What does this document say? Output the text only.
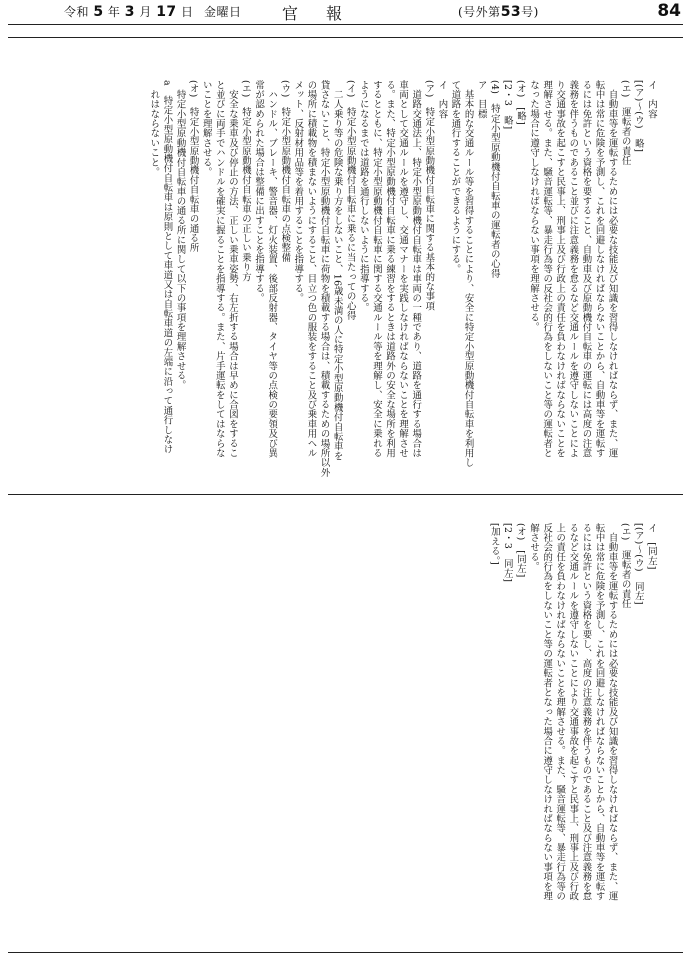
令和 5 年 3 月 17 日 金曜日	官報	(号外第53号)	84

イ　内容
[(ア)〜(ウ)　略]
(エ)　運転者の責任
　自動車等を運転するためには必要な技能及び知識を習得しなければならず、また、運
転中は常に危険を予測し、これを回避しなければならないことから、自動車等を運転す
るには免許という資格を要すること、自動車及び原動機付自転車の運転には高度の注意
義務を伴うものであること並びに注意義務を怠るなど交通ルールを遵守しないことによ
り交通事故を起こすと民事上、刑事上及び行政上の責任を負わなければならないことを
理解させる。また、騒音運転等、暴走行為等の反社会的行為をしないこと等の運転者と
なった場合に遵守しなければならない事項を理解させる。
(オ)　[略]
[2・3　略]
(4)　特定小型原動機付自転車の運転者の心得
ア　目標
　基本的な交通ルール等を習得することにより、安全に特定小型原動機付自転車を利用し
て道路を通行することができるようにする。
イ　内容
(ア)　特定小型原動機付自転車に関する基本的な事項
　道路交通法上、特定小型原動機付自転車は車両の一種であり、道路を通行する場合は
車両として交通ルールを遵守し、交通マナーを実践しなければならないことを理解させ
る。また、特定小型原動機付自転車に乗る練習をするときは道路外の安全な場所を利用
するとともに、特定小型原動機付自転車に関する交通ルール等を理解し、安全に乗れる
ようになるまでは道路を通行しないように指導する。
(イ)　特定小型原動機付自転車に乗るに当たっての心得
　二人乗り等の危険な乗り方をしないこと、16歳未満の人に特定小型原動機付自転車を
貸さないこと、特定小型原動機付自転車に荷物を積載する場合は、積載するための場所以外
の場所に積載物を積まないようにすること、目立つ色の服装をすること及び乗車用ヘル
メット、反射材用品等を着用することを指導する。
(ウ)　特定小型原動機付自転車の点検整備
　ハンドル、ブレーキ、警音器、灯火装置、後部反射器、タイヤ等の点検の要領及び異
常が認められた場合は整備に出すことを指導する。
(エ)　特定小型原動機付自転車の正しい乗り方
　安全な乗車及び停止の方法、正しい乗車姿勢、右左折する場合は早めに合図をするこ
と並びに両手でハンドルを確実に握ることを指導する。また、片手運転をしてはならな
いことを理解させる。
(オ)　特定小型原動機付自転車の通る所
　特定小型原動機付自転車の通る所に関して以下の事項を理解させる。
a　特定小型原動機付自転車は原則として車道又は自転車道の左端に沿って通行しなけ
　れはならないこと。

イ　[同左]
[(ア)〜(ウ)　同左]
(エ)　運転者の責任
　自動車等を運転するためには必要な技能及び知識を習得しなければならず、また、運
転中は常に危険を予測し、これを回避しなければならないことから、自動車等を運転す
るには免許という資格を要し、高度の注意義務を伴うものであること及び注意義務を怠
るなど交通ルールを遵守しないことにより交通事故を起こすと民事上、刑事上及び行政
上の責任を負わなければならないことを理解させる。また、騒音運転等、暴走行為等の
反社会的行為をしないこと等の運転者となった場合に遵守しなければならない事項を理
解させる。
(オ)　[同左]
[2・3　同左]
[加える。]
